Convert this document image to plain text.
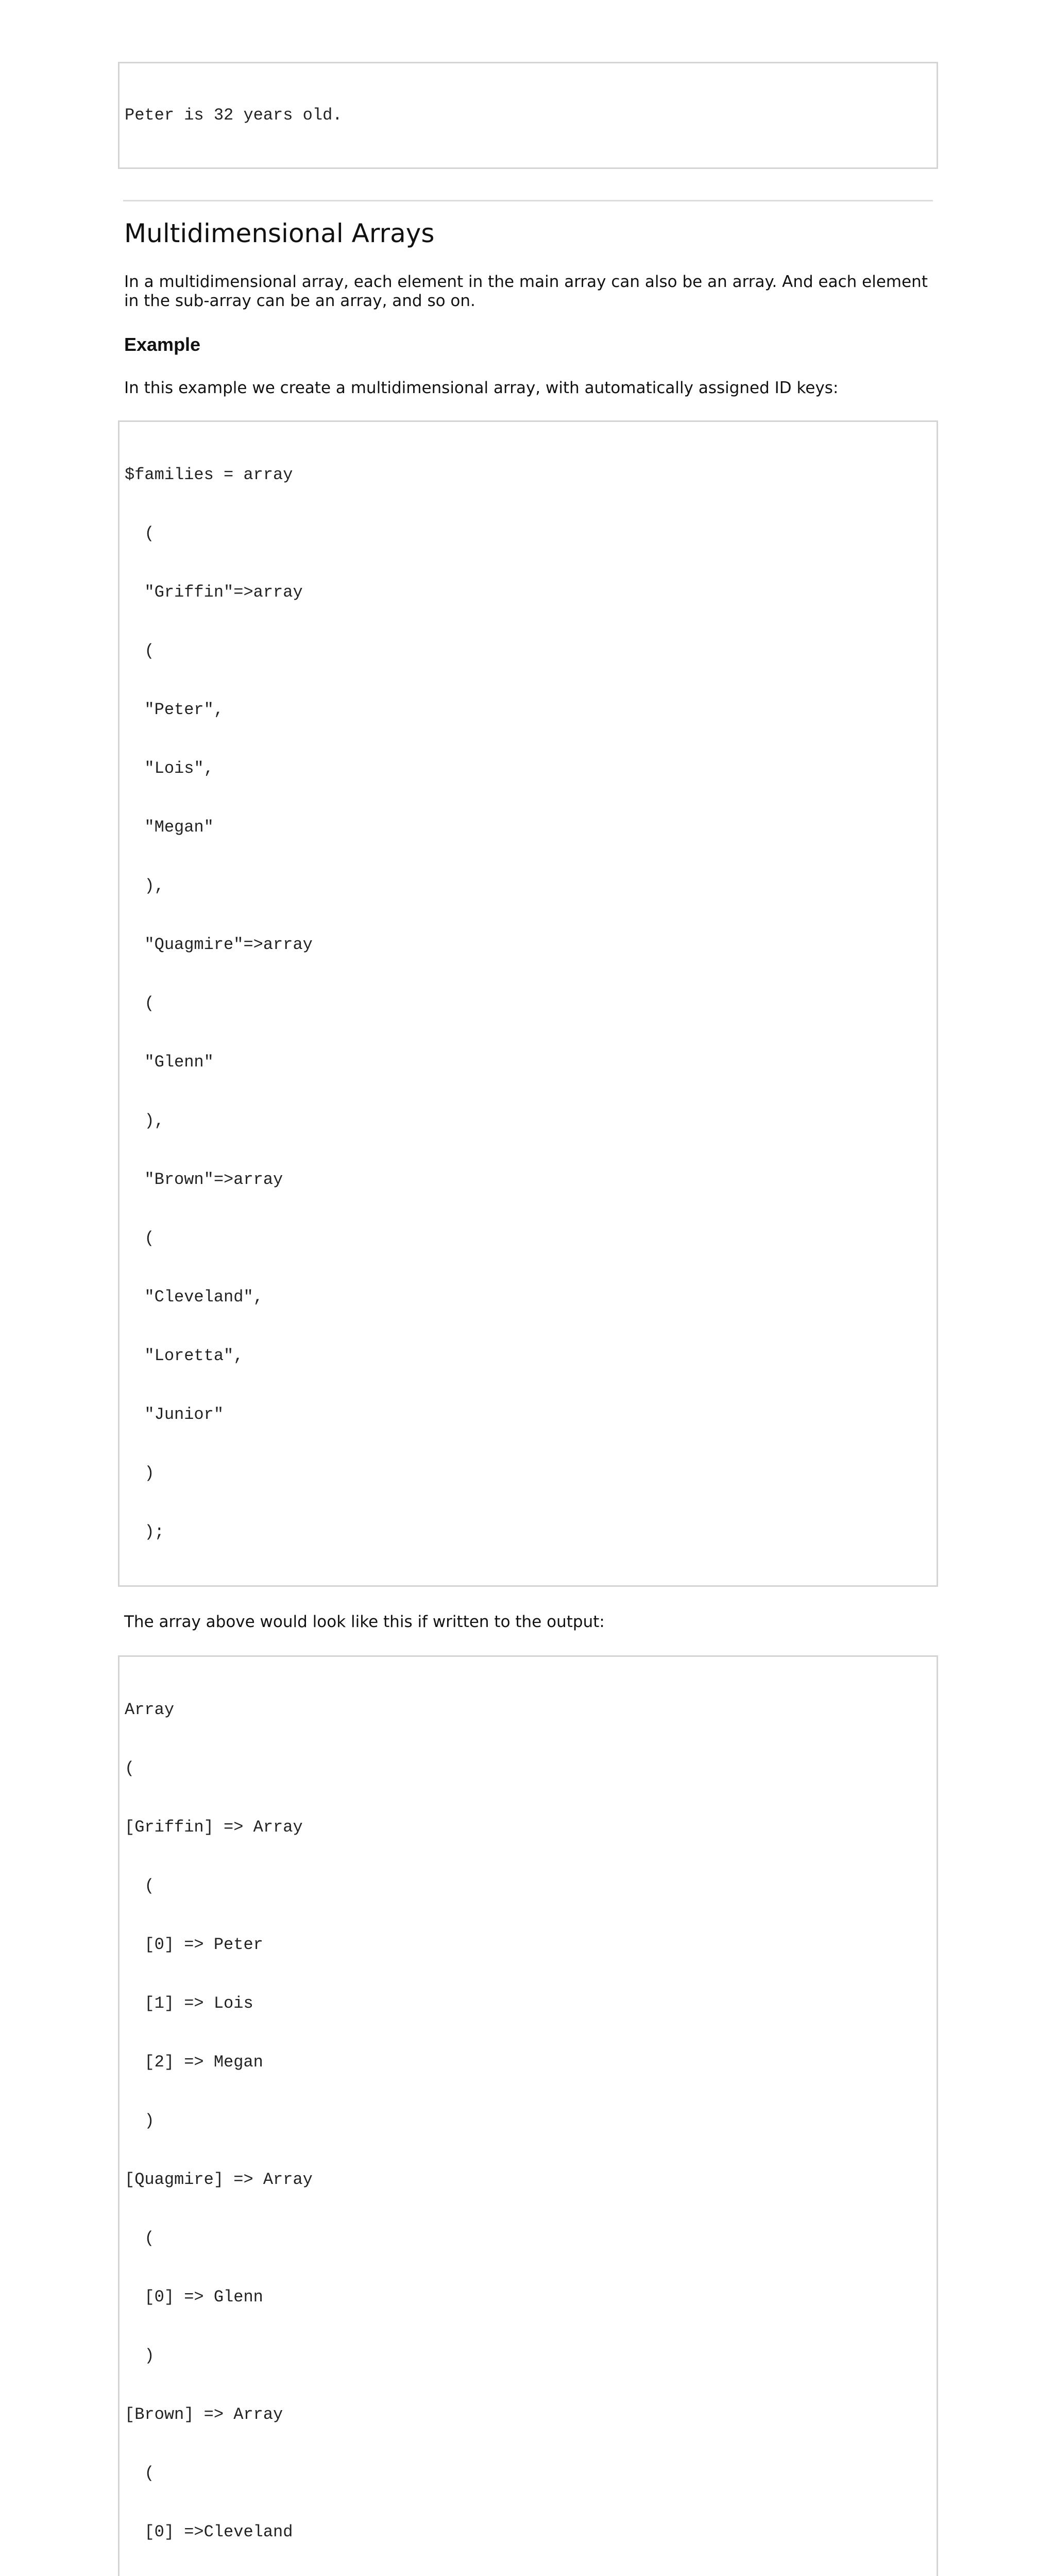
Peter is 32 years old.

Multidimensional Arrays

In a multidimensional array, each element in the main array can also be an array. And each element in the sub-array can be an array, and so on.

Example

In this example we create a multidimensional array, with automatically assigned ID keys:

$families = array

(

"Griffin"=>array

(

"Peter",

"Lois",

"Megan"

),

"Quagmire"=>array

(

"Glenn"

),

"Brown"=>array

(

"Cleveland",

"Loretta",

"Junior"

)

);

The array above would look like this if written to the output:

Array

(

[Griffin] => Array

(

[0] => Peter

[1] => Lois

[2] => Megan

)

[Quagmire] => Array

(

[0] => Glenn

)

[Brown] => Array

(

[0] =>Cleveland
